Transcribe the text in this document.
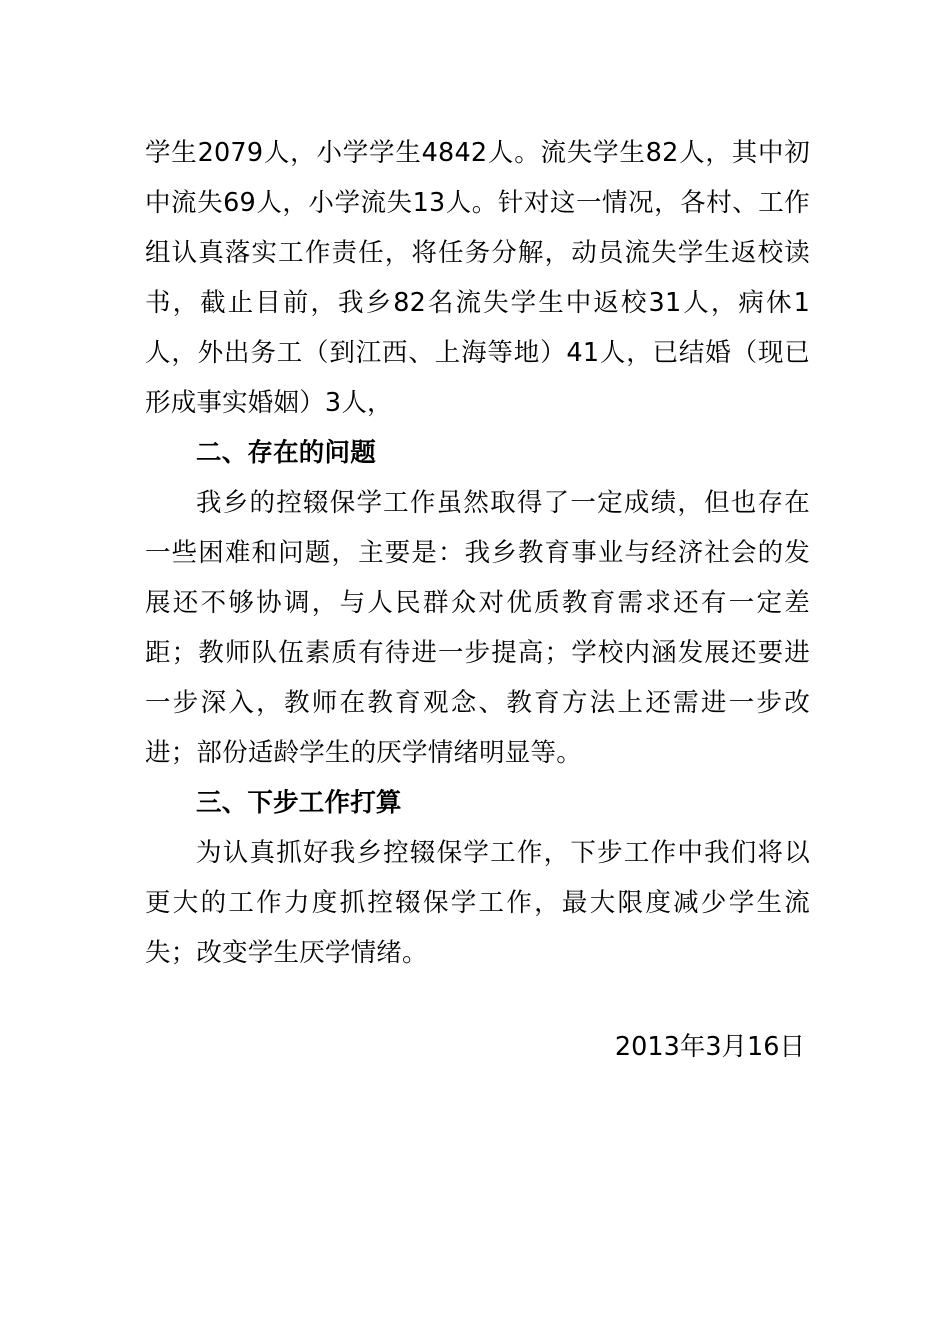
学生2079人，小学学生4842人。流失学生82人，其中初中流失69人，小学流失13人。针对这一情况，各村、工作组认真落实工作责任，将任务分解，动员流失学生返校读书，截止目前，我乡82名流失学生中返校31人，病休1人，外出务工（到江西、上海等地）41人，已结婚（现已形成事实婚姻）3人，

二、存在的问题

我乡的控辍保学工作虽然取得了一定成绩，但也存在一些困难和问题，主要是：我乡教育事业与经济社会的发展还不够协调，与人民群众对优质教育需求还有一定差距；教师队伍素质有待进一步提高；学校内涵发展还要进一步深入，教师在教育观念、教育方法上还需进一步改进；部份适龄学生的厌学情绪明显等。

三、下步工作打算

为认真抓好我乡控辍保学工作，下步工作中我们将以更大的工作力度抓控辍保学工作，最大限度减少学生流失；改变学生厌学情绪。

2013年3月16日
